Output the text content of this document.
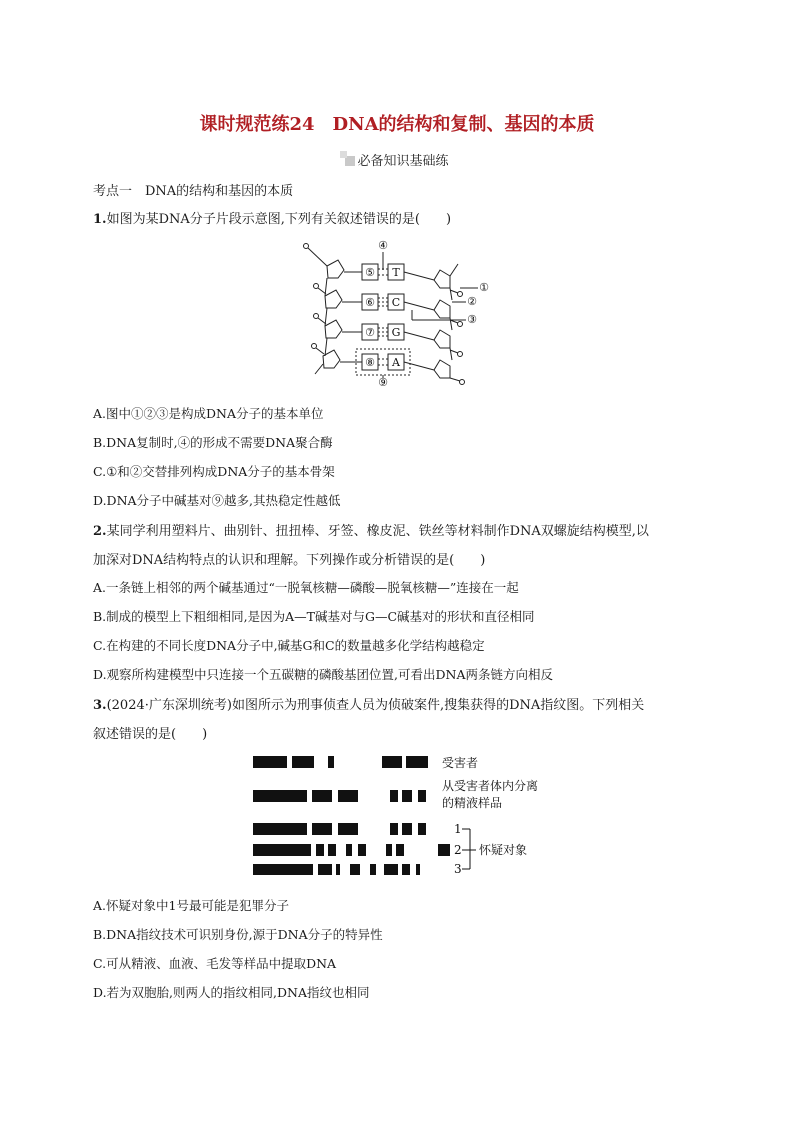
课时规范练24　DNA的结构和复制、基因的本质
必备知识基础练
考点一　DNA的结构和基因的本质
1.如图为某DNA分子片段示意图,下列有关叙述错误的是(　　)
④
⑤ T
①
⑥ C	②
③
⑦ G
⑧ A
⑨
A.图中①②③是构成DNA分子的基本单位
B.DNA复制时,④的形成不需要DNA聚合酶
C.①和②交替排列构成DNA分子的基本骨架
D.DNA分子中碱基对⑨越多,其热稳定性越低
2.某同学利用塑料片、曲别针、扭扭棒、牙签、橡皮泥、铁丝等材料制作DNA双螺旋结构模型,以
加深对DNA结构特点的认识和理解。下列操作或分析错误的是(　　)
A.一条链上相邻的两个碱基通过“一脱氧核糖—磷酸—脱氧核糖—”连接在一起
B.制成的模型上下粗细相同,是因为A—T碱基对与G—C碱基对的形状和直径相同
C.在构建的不同长度DNA分子中,碱基G和C的数量越多化学结构越稳定
D.观察所构建模型中只连接一个五碳糖的磷酸基团位置,可看出DNA两条链方向相反
3.(2024·广东深圳统考)如图所示为刑事侦查人员为侦破案件,搜集获得的DNA指纹图。下列相关
叙述错误的是(　　)
受害者
从受害者体内分离
的精液样品
1
2
3
怀疑对象
A.怀疑对象中1号最可能是犯罪分子
B.DNA指纹技术可识别身份,源于DNA分子的特异性
C.可从精液、血液、毛发等样品中提取DNA
D.若为双胞胎,则两人的指纹相同,DNA指纹也相同
